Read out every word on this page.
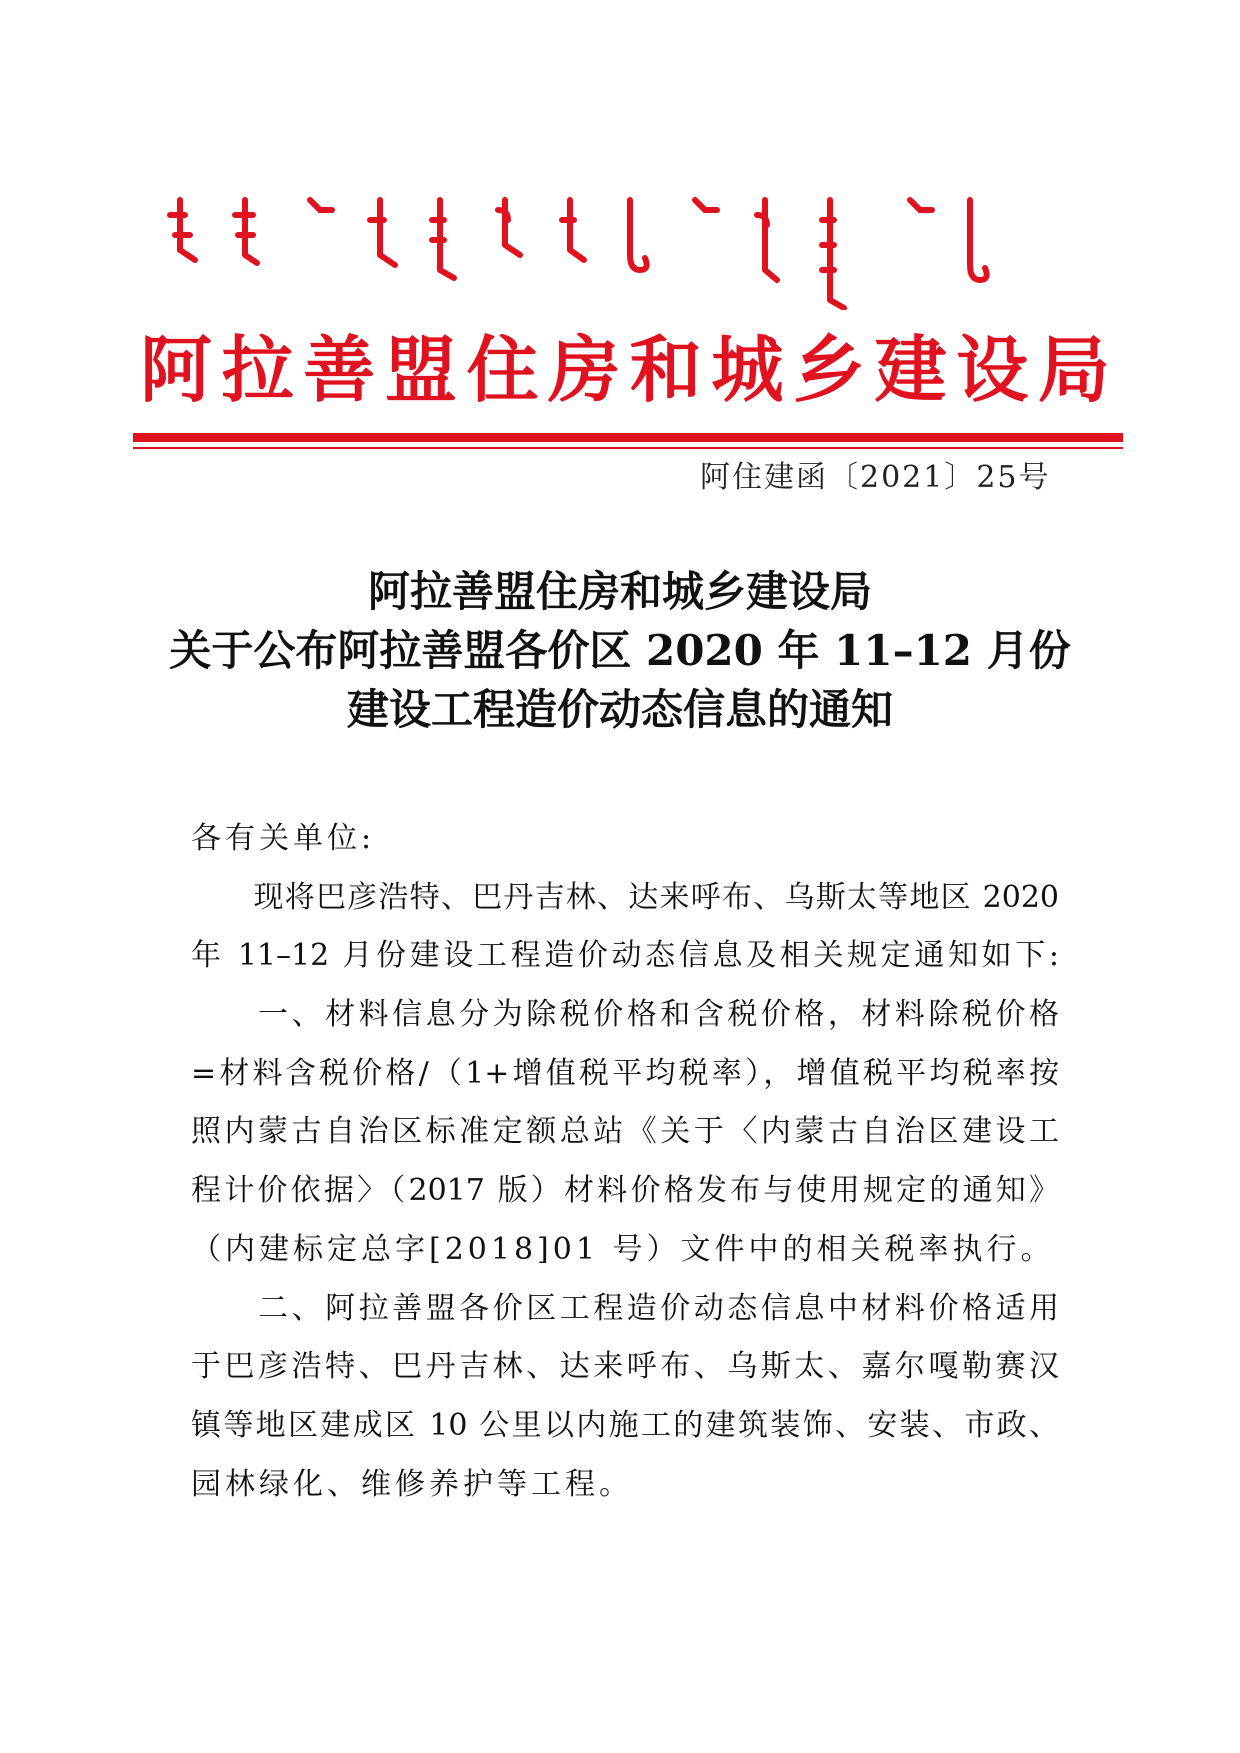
阿 拉 善 盟 住 房 和 城 乡 建 设 局
阿住建函〔2021〕25号
阿拉善盟住房和城乡建设局
关于公布阿拉善盟各价区 2020 年 11–12 月份
建设工程造价动态信息的通知
各有关单位:
　　现将巴彦浩特、巴丹吉林、达来呼布、乌斯太等地区 2020
年 11–12 月份建设工程造价动态信息及相关规定通知如下:
　　一、材料信息分为除税价格和含税价格，材料除税价格
=材料含税价格/（1+增值税平均税率），增值税平均税率按
照内蒙古自治区标准定额总站《关于〈内蒙古自治区建设工
程计价依据〉（2017 版）材料价格发布与使用规定的通知》
（内建标定总字[2018]01 号）文件中的相关税率执行。
　　二、阿拉善盟各价区工程造价动态信息中材料价格适用
于巴彦浩特、巴丹吉林、达来呼布、乌斯太、嘉尔嘎勒赛汉
镇等地区建成区 10 公里以内施工的建筑装饰、安装、市政、
园林绿化、维修养护等工程。
